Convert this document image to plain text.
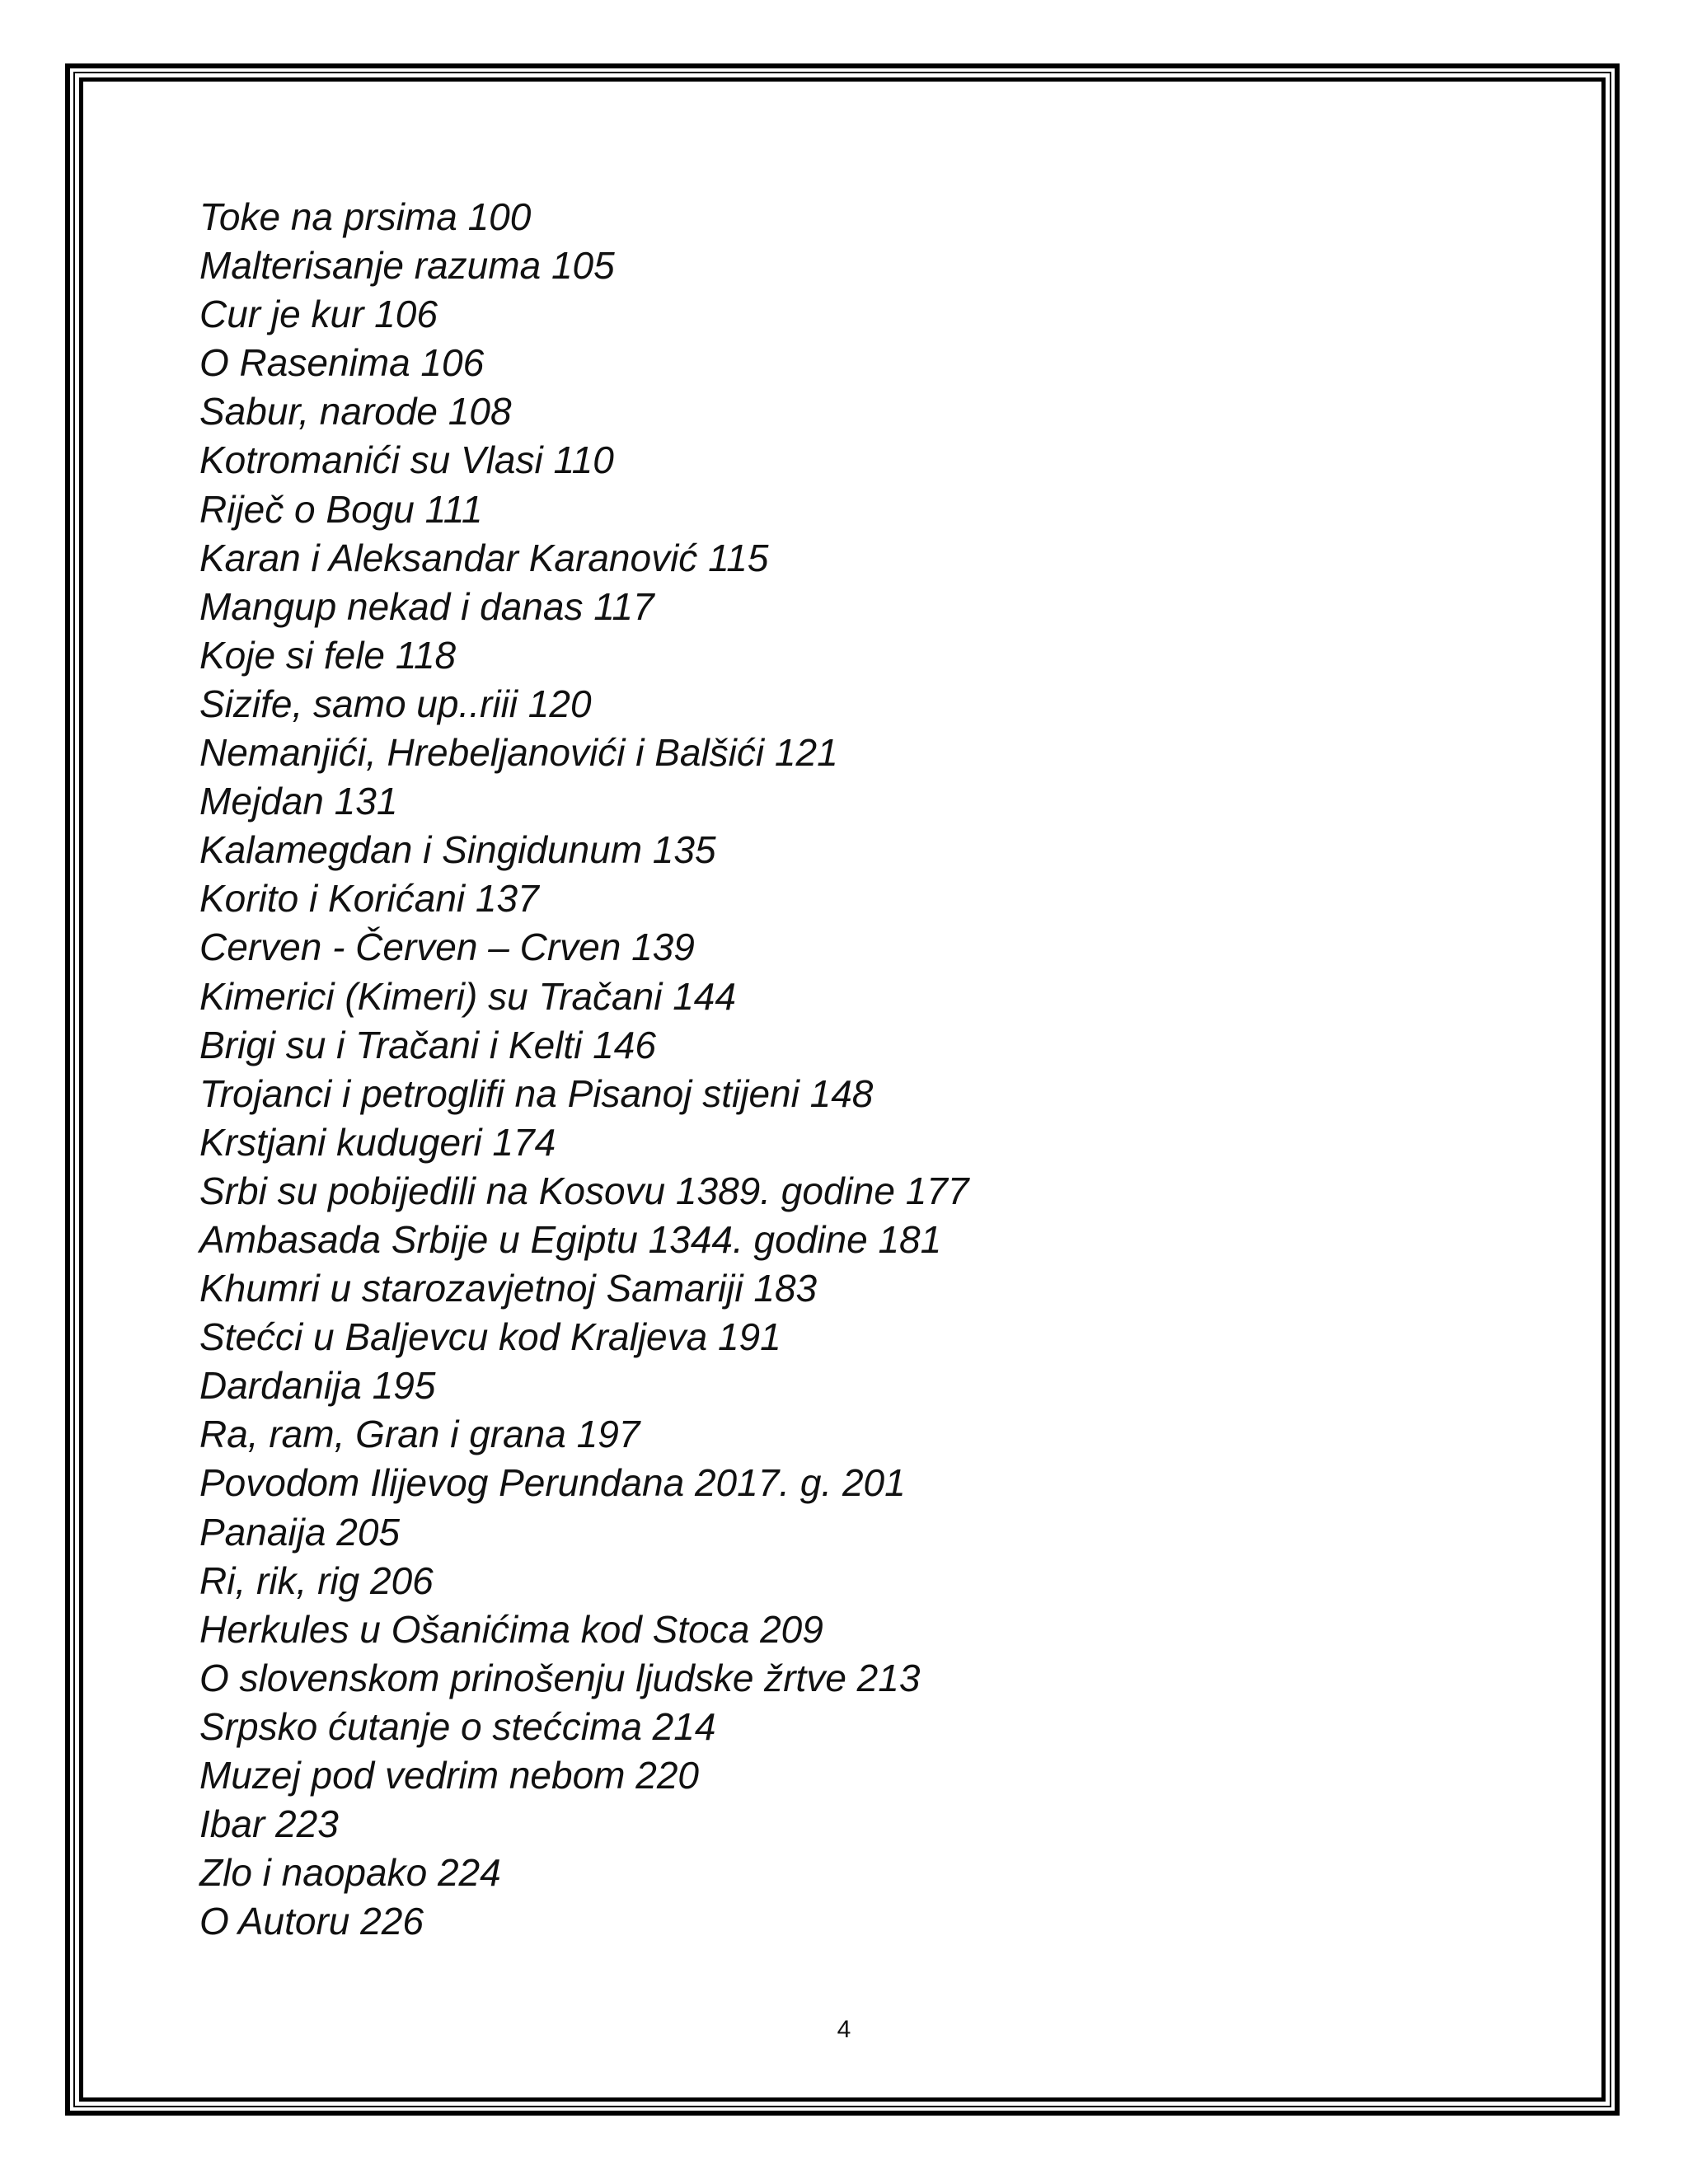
Toke na prsima 100
Malterisanje razuma 105
Cur je kur 106
O Rasenima 106
Sabur, narode 108
Kotromanići su Vlasi 110
Riječ o Bogu 111
Karan i Aleksandar Karanović 115
Mangup nekad i danas 117
Koje si fele 118
Sizife, samo up..riii 120
Nemanjići, Hrebeljanovići i Balšići 121
Mejdan 131
Kalamegdan i Singidunum 135
Korito i Korićani 137
Cerven - Červen – Crven 139
Kimerici (Kimeri) su Tračani 144
Brigi su i Tračani i Kelti 146
Trojanci i petroglifi na Pisanoj stijeni 148
Krstjani kudugeri 174
Srbi su pobijedili na Kosovu 1389. godine 177
Ambasada Srbije u Egiptu 1344. godine 181
Khumri u starozavjetnoj Samariji 183
Stećci u Baljevcu kod Kraljeva 191
Dardanija 195
Ra, ram, Gran i grana 197
Povodom Ilijevog Perundana 2017. g. 201
Panaija 205
Ri, rik, rig 206
Herkules u Ošanićima kod Stoca 209
O slovenskom prinošenju ljudske žrtve 213
Srpsko ćutanje o stećcima 214
Muzej pod vedrim nebom 220
Ibar 223
Zlo i naopako 224
O Autoru 226
4
